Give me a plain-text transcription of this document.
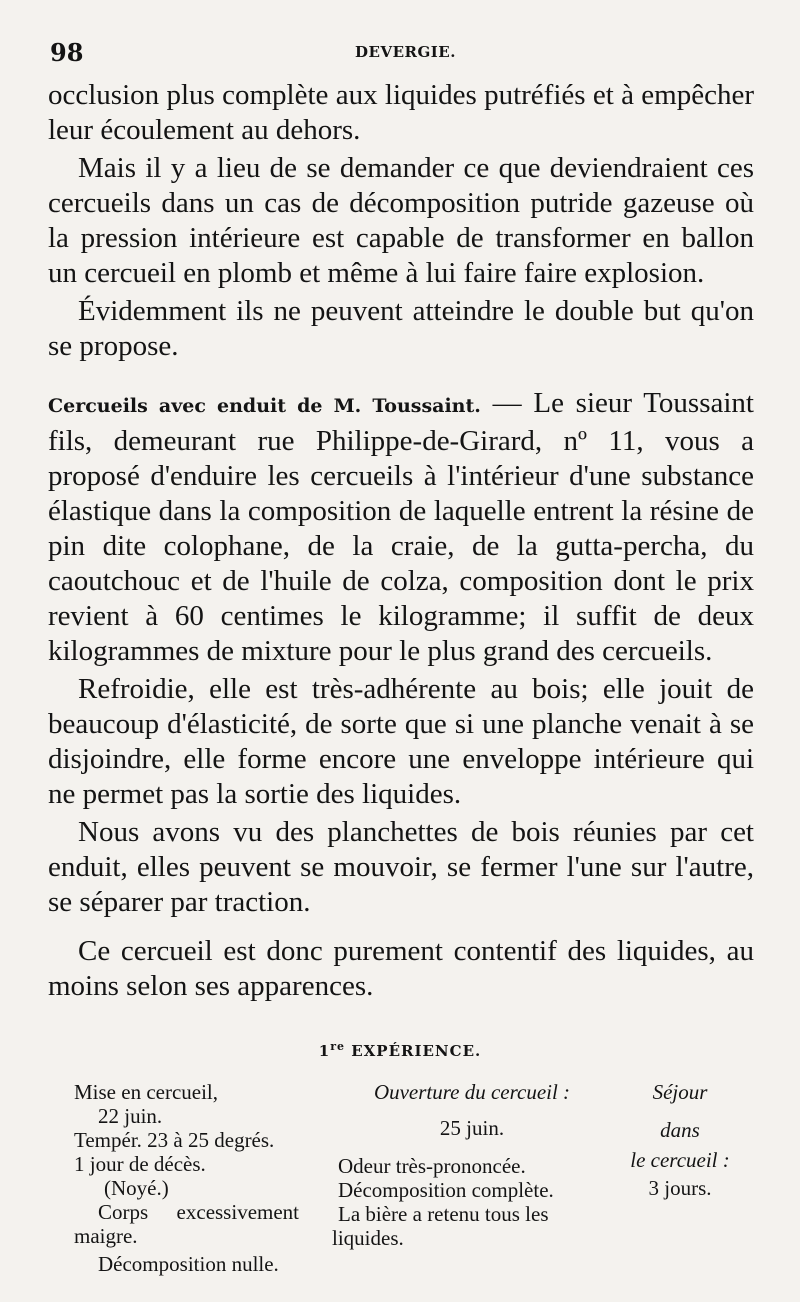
98	DEVERGIE.

occlusion plus complète aux liquides putréfiés et à empêcher leur écoulement au dehors.

Mais il y a lieu de se demander ce que deviendraient ces cercueils dans un cas de décomposition putride gazeuse où la pression intérieure est capable de transformer en ballon un cercueil en plomb et même à lui faire faire explosion.

Évidemment ils ne peuvent atteindre le double but qu'on se propose.

Cercueils avec enduit de M. Toussaint. — Le sieur Toussaint fils, demeurant rue Philippe-de-Girard, nº 11, vous a proposé d'enduire les cercueils à l'intérieur d'une substance élastique dans la composition de laquelle entrent la résine de pin dite colophane, de la craie, de la gutta-percha, du caoutchouc et de l'huile de colza, composition dont le prix revient à 60 centimes le kilogramme; il suffit de deux kilogrammes de mixture pour le plus grand des cercueils.

Refroidie, elle est très-adhérente au bois; elle jouit de beaucoup d'élasticité, de sorte que si une planche venait à se disjoindre, elle forme encore une enveloppe intérieure qui ne permet pas la sortie des liquides.

Nous avons vu des planchettes de bois réunies par cet enduit, elles peuvent se mouvoir, se fermer l'une sur l'autre, se séparer par traction.

Ce cercueil est donc purement contentif des liquides, au moins selon ses apparences.

1re EXPÉRIENCE.
Mise en cercueil,
22 juin.
Tempér. 23 à 25 degrés.
1 jour de décès.
(Noyé.)
Corps excessivement
maigre.
Décomposition nulle.
Ouverture du cercueil :
25 juin.
Odeur très-prononcée.
Décomposition complète.
La bière a retenu tous les
liquides.
Séjour
dans
le cercueil :
3 jours.
